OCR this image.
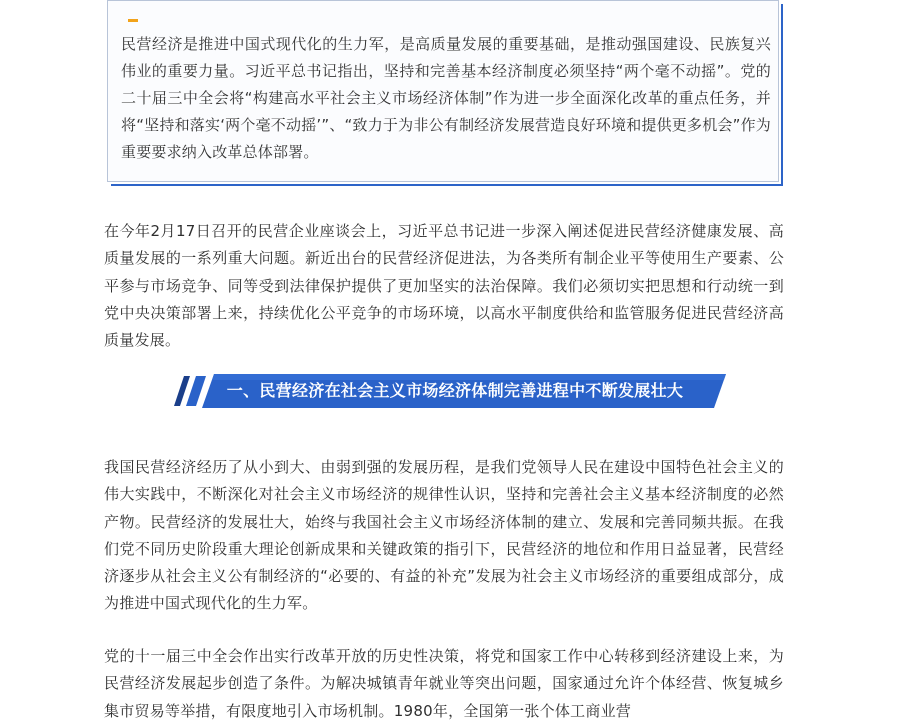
民营经济是推进中国式现代化的生力军，是高质量发展的重要基础，是推动强国建设、民族复兴伟业的重要力量。习近平总书记指出，坚持和完善基本经济制度必须坚持“两个毫不动摇”。党的二十届三中全会将“构建高水平社会主义市场经济体制”作为进一步全面深化改革的重点任务，并将“坚持和落实‘两个毫不动摇’”、“致力于为非公有制经济发展营造良好环境和提供更多机会”作为重要要求纳入改革总体部署。

在今年2月17日召开的民营企业座谈会上，习近平总书记进一步深入阐述促进民营经济健康发展、高质量发展的一系列重大问题。新近出台的民营经济促进法，为各类所有制企业平等使用生产要素、公平参与市场竞争、同等受到法律保护提供了更加坚实的法治保障。我们必须切实把思想和行动统一到党中央决策部署上来，持续优化公平竞争的市场环境，以高水平制度供给和监管服务促进民营经济高质量发展。

一、民营经济在社会主义市场经济体制完善进程中不断发展壮大

我国民营经济经历了从小到大、由弱到强的发展历程，是我们党领导人民在建设中国特色社会主义的伟大实践中，不断深化对社会主义市场经济的规律性认识，坚持和完善社会主义基本经济制度的必然产物。民营经济的发展壮大，始终与我国社会主义市场经济体制的建立、发展和完善同频共振。在我们党不同历史阶段重大理论创新成果和关键政策的指引下，民营经济的地位和作用日益显著，民营经济逐步从社会主义公有制经济的“必要的、有益的补充”发展为社会主义市场经济的重要组成部分，成为推进中国式现代化的生力军。

党的十一届三中全会作出实行改革开放的历史性决策，将党和国家工作中心转移到经济建设上来，为民营经济发展起步创造了条件。为解决城镇青年就业等突出问题，国家通过允许个体经营、恢复城乡集市贸易等举措，有限度地引入市场机制。1980年，全国第一张个体工商业营
